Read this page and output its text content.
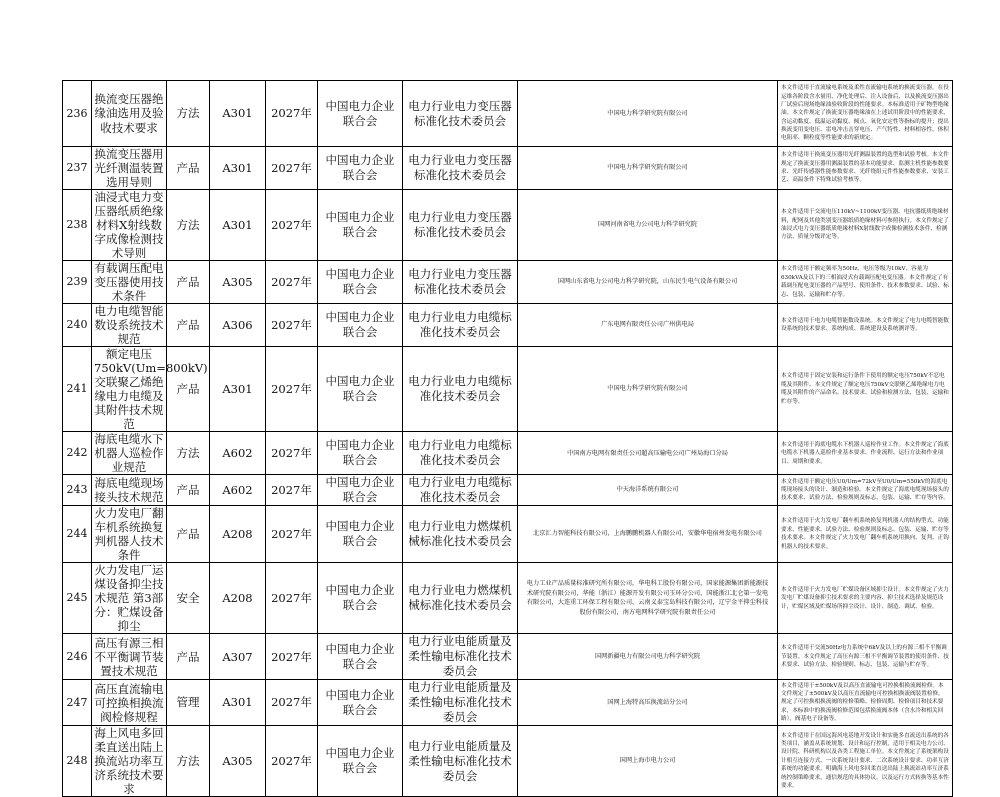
236	换流变压器绝缘油选用及验收技术要求	方法	A301	2027年	中国电力企业联合会	电力行业电力变压器标准化技术委员会	中国电力科学研究院有限公司	本文件适用于直流输电系统及柔性直流输电系统的换流变压器，在役运维各阶段含水量用、净化处理后、注入设备后，以及换流变压器出厂试验后现场绝缘油验收阶段的性能要求。本标准适用于矿物型绝缘油。本文件规定了换流变压器绝缘油在上述试用阶段中的性能要求，含运动黏度、低温运动黏度、倾点、氧化安定性等指标的提升；提出换流变用变电压、雷电冲击击穿电压、产气特性、材料相容性、体积电阻率、颗粒度等性能要求的新规定。
237	换流变压器用光纤测温装置选用导则	产品	A301	2027年	中国电力企业联合会	电力行业电力变压器标准化技术委员会	中国电力科学研究院有限公司	本文件适用于换流变压器用光纤测温装置的选型和试验考核。本文件规定了换流变压器用测温装置的基本功能要求、监测主机性能参数要求、光纤传感器性能参数要求、光纤绕组元件性能参数要求、安装工艺、高温条件下特殊试验考核等。
238	油浸式电力变压器纸质绝缘材料X射线数字成像检测技术导则	方法	A301	2027年	中国电力企业联合会	电力行业电力变压器标准化技术委员会	国网河南省电力公司电力科学研究院	本文件适用于交流电压110kV~1100kV变压器、电抗器纸质绝缘材料，配网及其他类别变压器纸质绝缘材料可参照执行。本文件规定了油浸式电力变压器纸质绝缘材料X射线数字成像检测技术条件、检测方法、质量分级评定等。
239	有载调压配电变压器使用技术条件	产品	A305	2027年	中国电力企业联合会	电力行业电力变压器标准化技术委员会	国网山东省电力公司电力科学研究院，山东民生电气设备有限公司	本文件适用于额定频率为50Hz、电压等级为10kV、容量为630kVA及以下的三相油浸式有载调压配电变压器。本文件规定了有载调压配电变压器的产品型号、使用条件、技术参数要求、试验、标志、包装、运输和贮存等。
240	电力电缆智能数设系统技术规范	产品	A306	2027年	中国电力企业联合会	电力行业电力电缆标准化技术委员会	广东电网有限责任公司广州供电局	本文件适用于电力电缆智能数设系统。本文件规定了电力电缆智能数设系统的技术要求、系统构成、系统建设及系统测评等。
241	额定电压750kV(Um=800kV)交联聚乙烯绝缘电力电缆及其附件技术规范	产品	A301	2027年	中国电力企业联合会	电力行业电力电缆标准化技术委员会	中国电力科学研究院有限公司	本文件适用于固定安装和运行条件下使用的额定电压750kV不忍电缆及其附件。本文件规定了额定电压750kV交联聚乙烯绝缘电力电缆及其附件的产品命名、技术要求、试验和检测方法、包装、运输和贮存等。
242	海底电缆水下机器人巡检作业规范	方法	A602	2027年	中国电力企业联合会	电力行业电力电缆标准化技术委员会	中国南方电网有限责任公司超高压输电公司广州局海口分局	本文件适用于海底电缆水下机器人巡检作业工作。本文件规定了海底电缆水下机器人巡检作业基本要求、作业流程、运行方法和作业项目、周期和要求。
243	海底电缆现场接头技术规范	产品	A602	2027年	中国电力企业联合会	电力行业电力电缆标准化技术委员会	中天海洋系统有限公司	本文件适用于额定电压U0/Um=72kV至U0/Um=550kV的海底电缆现场接头的设计、制造和检验。本文件规定了海底电缆现场接头的技术要求、试验方法、检验规则及标志、包装、运输、贮存等内容。
244	火力发电厂翻车机系统换复判机器人技术条件	产品	A208	2027年	中国电力企业联合会	电力行业电力燃煤机械标准化技术委员会	北京汇力智能科技有限公司，上海鹏鹏机器人有限公司，安徽华电宿州发电有限公司	本文件适用于火力发电厂翻车机系统换复判机器人的结构型式、功能要求、性能要求、试验方法、检验规则及标志、包装、运输、贮存等技术要求。本文件规定了火力发电厂翻车机系统用换向、复判、正钩机器人的技术要求。
245	火力发电厂运煤设备抑尘技术规范 第3部分：贮煤设备抑尘	安全	A208	2027年	中国电力企业联合会	电力行业电力燃煤机械标准化技术委员会	电力工业产品质量标准研究所有限公司，华电科工股份有限公司，国家能源集团新能源技术研究院有限公司，华能（浙江）能源开发有限公司玉环分公司，国能浙江北仑第一发电有限公司，大连重工环保工程有限公司，云南义泰宝岛科技有限公司，辽宁金平抑尘科技股份有限公司，南方电网科学研究院有限责任公司	本文件适用于火力发电厂贮煤设备区域抑尘设计。本文件规定了火力发电厂贮煤设备抑尘技术要求的主要内容、抑尘技术选择及规范设计，贮煤区域及贮煤场所抑尘设计、设计、制造、调试、检验。
246	高压有源三相不平衡调节装置技术规范	产品	A307	2027年	中国电力企业联合会	电力行业电能质量及柔性输电标准化技术委员会	国网新疆电力有限公司电力科学研究院	本文件适用于交流50Hz电力系统中6kV及以上的有源三相不平衡调节装置。本文件规定了高压有源三相不平衡调节装置的使用条件、技术要求、试验方法、检验规则、标志、包装、运输与贮存等。
247	高压直流输电可控换相换流阀检修规程	管理	A301	2027年	中国电力企业联合会	电力行业电能质量及柔性输电标准化技术委员会	国网上海特高压换流站分公司	本文件适用于±500kV及以高压直流输电可控换相换流阀检修。本文件规定了±500kV及以高压直流输电可控换相换流阀装置检修，规定了可控换相换流阀的检修策略、检修周期、检修项目和技术要求，本标准中的换流阀检修范围包括换流阀本体（含水冷和相关回路），阀基电子设备等。
248	海上风电多回柔直送出陆上换流站功率互济系统技术要求	方法	A305	2027年	中国电力企业联合会	电力行业电能质量及柔性输电标准化技术委员会	国网上海市电力公司	本文件适用于在国远海风电基地开发设计和实施多直流送出系统的各类项目，涵盖从系统规划、设计和运行控制，适用于相关电力公司、设计院、科研机构以及各类工程施工单位。本文件规定了系统架构设计相互连接方式、一次系统设计要求、二次系统设计要求、功率互济系统的功能要求，明确海上风电多回柔直送出陆上换流站功率互济系统控制策略要求，通信规范的具体协议，以及运行方式转换等基本性要求。
